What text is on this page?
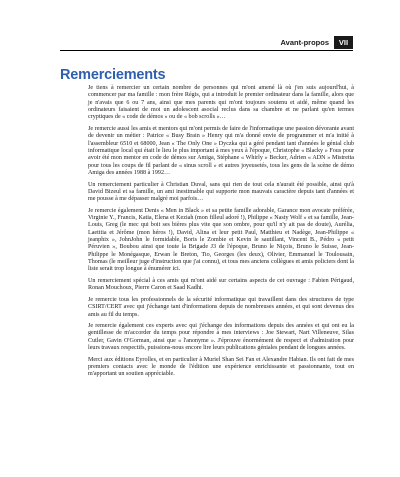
Avant-propos	VII
Remerciements

Je tiens à remercier un certain nombre de personnes qui m'ont amené là où j'en suis aujourd'hui, à commencer par ma famille : mon frère Régis, qui a introduit le premier ordinateur dans la famille, alors que je n'avais que 6 ou 7 ans, ainsi que mes parents qui m'ont toujours soutenu et aidé, même quand les ordinateurs faisaient de moi un adolescent asocial reclus dans sa chambre et ne parlant qu'en termes cryptiques de « code de démos » ou de « bob scrolls »…

Je remercie aussi les amis et mentors qui m'ont permis de faire de l'informatique une passion dévorante avant de devenir un métier : Patrice « Busy Brain » Henry qui m'a donné envie de programmer et m'a initié à l'assembleur 6510 et 68000, Jean « The Only One » Dyczka qui a géré pendant tant d'années le génial club informatique local qui était le lieu le plus important à mes yeux à l'époque, Christophe « Blacky » Fous pour avoir été mon mentor en code de démos sur Amiga, Stéphane « Whirly » Becker, Adrien « ADN » Mistretta pour tous les coups de fil parlant de « sinus scroll » et autres joyeusetés, tous les gens de la scène de démo Amiga des années 1988 à 1992…

Un remerciement particulier à Christian Duval, sans qui rien de tout cela n'aurait été possible, ainsi qu'à David Bizeul et sa famille, un ami inestimable qui supporte mon mauvais caractère depuis tant d'années et me pousse à me dépasser malgré moi parfois…

Je remercie également Denis « Men in Black » et sa petite famille adorable, Garance mon avocate préférée, Virginie Y., Francis, Katia, Elena et Keziah (mon filleul adoré !), Philippe « Nasty Wolf » et sa famille, Jean-Louis, Greg (le mec qui boit ses bières plus vite que son ombre, pour qu'il n'y ait pas de doute), Aurélia, Laetitia et Jérôme (mon héros !), David, Alina et leur petit Paul, Matthieu et Nadège, Jean-Philippe « jeanphix », JohnJohn le formidable, Boris le Zombie et Kevin le sautillant, Vincent B., Pédro « petit Péruvien », Boubou ainsi que toute la Brigade J3 de l'époque, Bruno le Niçois, Bruno le Suisse, Jean-Philippe le Monégasque, Erwan le Breton, Tio, Georges (les deux), Olivier, Emmanuel le Toulousain, Thomas (le meilleur juge d'instruction que j'ai connu), et tous mes anciens collègues et amis policiers dont la liste serait trop longue à énumérer ici.

Un remerciement spécial à ces amis qui m'ont aidé sur certains aspects de cet ouvrage : Fabien Périgaud, Ronan Mouchoux, Pierre Caron et Saad Kadhi.

Je remercie tous les professionnels de la sécurité informatique qui travaillent dans des structures de type CSIRT/CERT avec qui j'échange tant d'informations depuis de nombreuses années, et qui sont devenus des amis au fil du temps.

Je remercie également ces experts avec qui j'échange des informations depuis des années et qui ont eu la gentillesse de m'accorder du temps pour répondre à mes interviews : Joe Stewart, Nart Villeneuve, Silas Cutler, Gavin O'Gorman, ainsi que « l'anonyme ». J'éprouve énormément de respect et d'admiration pour leurs travaux respectifs, puissions-nous encore lire leurs publications géniales pendant de longues années.

Merci aux éditions Eyrolles, et en particulier à Muriel Shan Sei Fan et Alexandre Habian. Ils ont fait de mes premiers contacts avec le monde de l'édition une expérience enrichissante et passionnante, tout en m'apportant un soutien appréciable.
